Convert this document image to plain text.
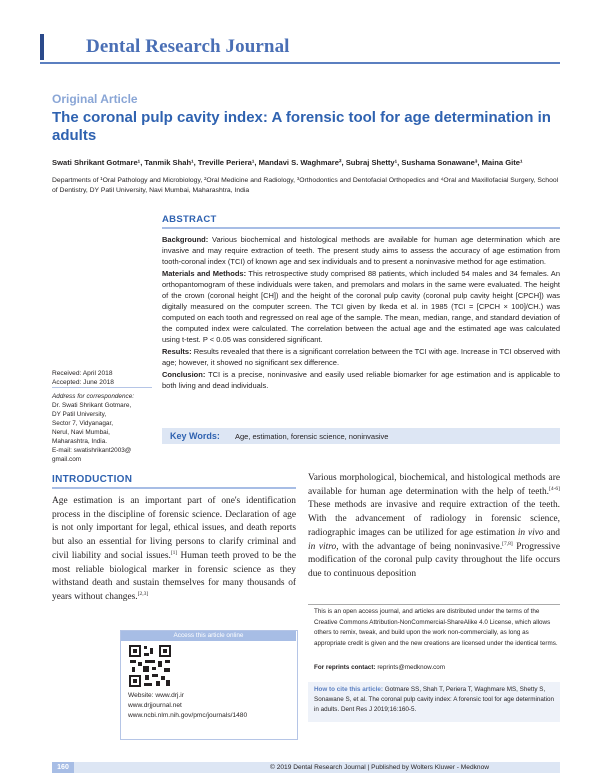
Dental Research Journal
Original Article
The coronal pulp cavity index: A forensic tool for age determination in adults
Swati Shrikant Gotmare¹, Tanmik Shah¹, Treville Periera¹, Mandavi S. Waghmare², Subraj Shetty¹, Sushama Sonawane³, Maina Gite¹
Departments of ¹Oral Pathology and Microbiology, ²Oral Medicine and Radiology, ³Orthodontics and Dentofacial Orthopedics and ⁴Oral and Maxillofacial Surgery, School of Dentistry, DY Patil University, Navi Mumbai, Maharashtra, India
ABSTRACT

Background: Various biochemical and histological methods are available for human age determination which are invasive and may require extraction of teeth. The present study aims to assess the accuracy of age estimation from tooth-coronal index (TCI) of known age and sex individuals and to present a noninvasive method for age estimation.

Materials and Methods: This retrospective study comprised 88 patients, which included 54 males and 34 females. An orthopantomogram of these individuals were taken, and premolars and molars in the same were evaluated. The height of the crown (coronal height [CH]) and the height of the coronal pulp cavity (coronal pulp cavity height [CPCH]) was digitally measured on the computer screen. The TCI given by Ikeda et al. in 1985 (TCI = [CPCH × 100]/CH.) was computed on each tooth and regressed on real age of the sample. The mean, median, range, and standard deviation of the computed index were calculated. The correlation between the actual age and the estimated age was calculated using t-test. P < 0.05 was considered significant.

Results: Results revealed that there is a significant correlation between the TCI with age. Increase in TCI observed with age; however, it showed no significant sex difference.

Conclusion: TCI is a precise, noninvasive and easily used reliable biomarker for age estimation and is applicable to both living and dead individuals.

Key Words: Age, estimation, forensic science, noninvasive
Received: April 2018
Accepted: June 2018
Address for correspondence:
Dr. Swati Shrikant Gotmare,
DY Patil University,
Sector 7, Vidyanagar,
Nerul, Navi Mumbai,
Maharashtra, India.
E-mail: swatishrikant2003@
gmail.com
INTRODUCTION

Age estimation is an important part of one's identification process in the discipline of forensic science. Declaration of age is not only important for legal, ethical issues, and death reports but also an essential for living persons to clarify criminal and civil liability and social issues.[1] Human teeth proved to be the most reliable biological marker in forensic science as they withstand death and sustain themselves for many thousands of years without changes.[2,3]

Various morphological, biochemical, and histological methods are available for human age determination with the help of teeth.[4-6] These methods are invasive and require extraction of the teeth. With the advancement of radiology in forensic science, radiographic images can be utilized for age estimation in vivo and in vitro, with the advantage of being noninvasive.[7,8] Progressive modification of the coronal pulp cavity throughout the life occurs due to continuous deposition

Access this article online
Website: www.drj.ir
www.drjjournal.net
www.ncbi.nlm.nih.gov/pmc/journals/1480
This is an open access journal, and articles are distributed under the terms of the Creative Commons Attribution-NonCommercial-ShareAlike 4.0 License, which allows others to remix, tweak, and build upon the work non-commercially, as long as appropriate credit is given and the new creations are licensed under the identical terms.
For reprints contact: reprints@medknow.com
How to cite this article: Gotmare SS, Shah T, Periera T, Waghmare MS, Shetty S, Sonawane S, et al. The coronal pulp cavity index: A forensic tool for age determination in adults. Dent Res J 2019;16:160-5.
160	© 2019 Dental Research Journal | Published by Wolters Kluwer - Medknow
